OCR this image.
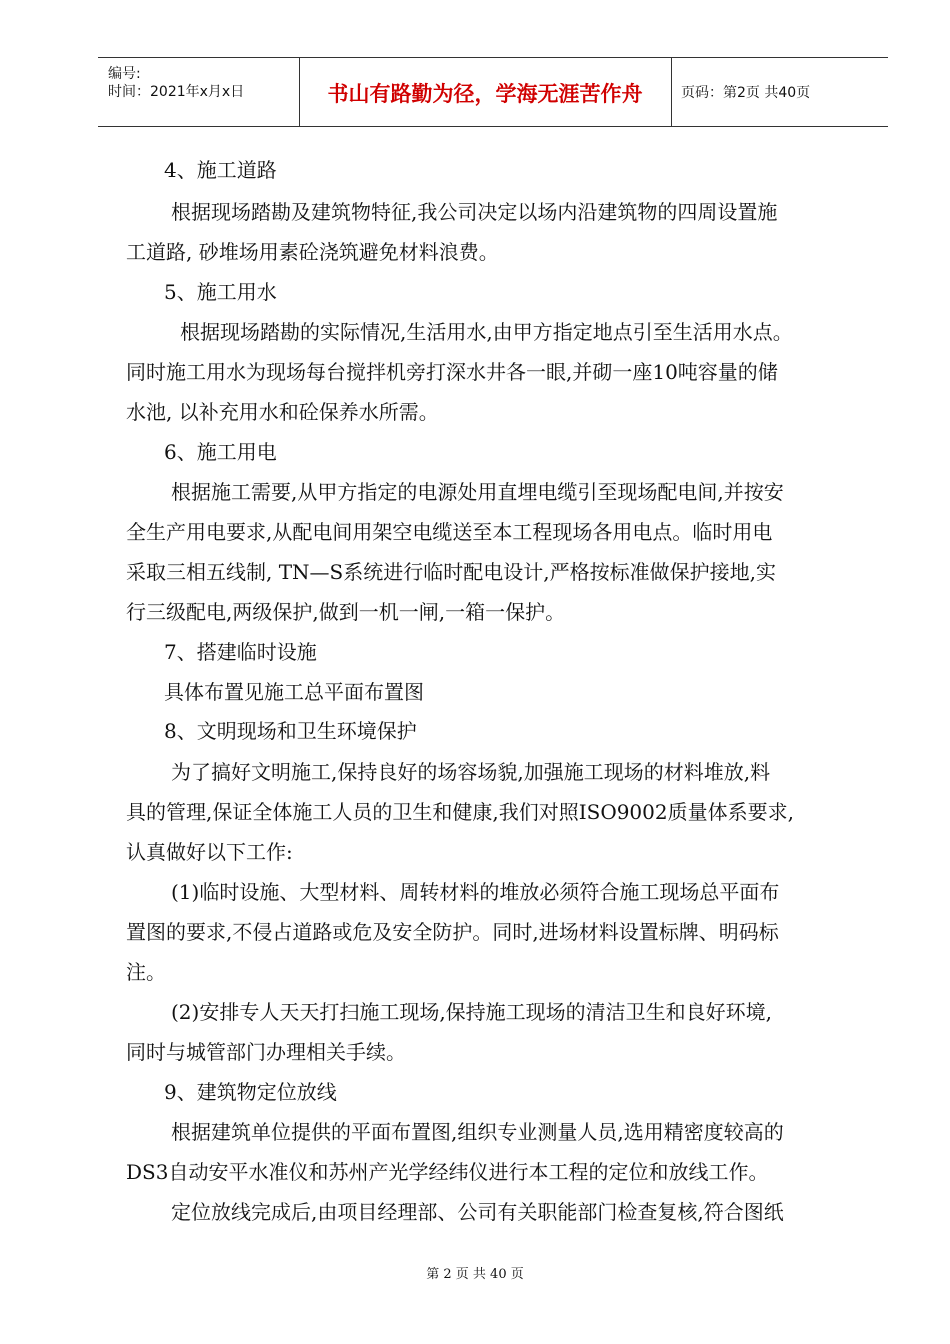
编号:
时间：2021年x月x日	书山有路勤为径，学海无涯苦作舟	页码：第2页 共40页
4、施工道路
根据现场踏勘及建筑物特征,我公司决定以场内沿建筑物的四周设置施
工道路, 砂堆场用素砼浇筑避免材料浪费。
5、施工用水
根据现场踏勘的实际情况,生活用水,由甲方指定地点引至生活用水点。
同时施工用水为现场每台搅拌机旁打深水井各一眼,并砌一座10吨容量的储
水池, 以补充用水和砼保养水所需。
6、施工用电
根据施工需要,从甲方指定的电源处用直埋电缆引至现场配电间,并按安
全生产用电要求,从配电间用架空电缆送至本工程现场各用电点。临时用电
采取三相五线制, TN—S系统进行临时配电设计,严格按标准做保护接地,实
行三级配电,两级保护,做到一机一闸,一箱一保护。
7、搭建临时设施
具体布置见施工总平面布置图
8、文明现场和卫生环境保护
为了搞好文明施工,保持良好的场容场貌,加强施工现场的材料堆放,料
具的管理,保证全体施工人员的卫生和健康,我们对照ISO9002质量体系要求,
认真做好以下工作:
(1)临时设施、大型材料、周转材料的堆放必须符合施工现场总平面布
置图的要求,不侵占道路或危及安全防护。同时,进场材料设置标牌、明码标
注。
(2)安排专人天天打扫施工现场,保持施工现场的清洁卫生和良好环境,
同时与城管部门办理相关手续。
9、建筑物定位放线
根据建筑单位提供的平面布置图,组织专业测量人员,选用精密度较高的
DS3自动安平水准仪和苏州产光学经纬仪进行本工程的定位和放线工作。
定位放线完成后,由项目经理部、公司有关职能部门检查复核,符合图纸
第 2 页 共 40 页
